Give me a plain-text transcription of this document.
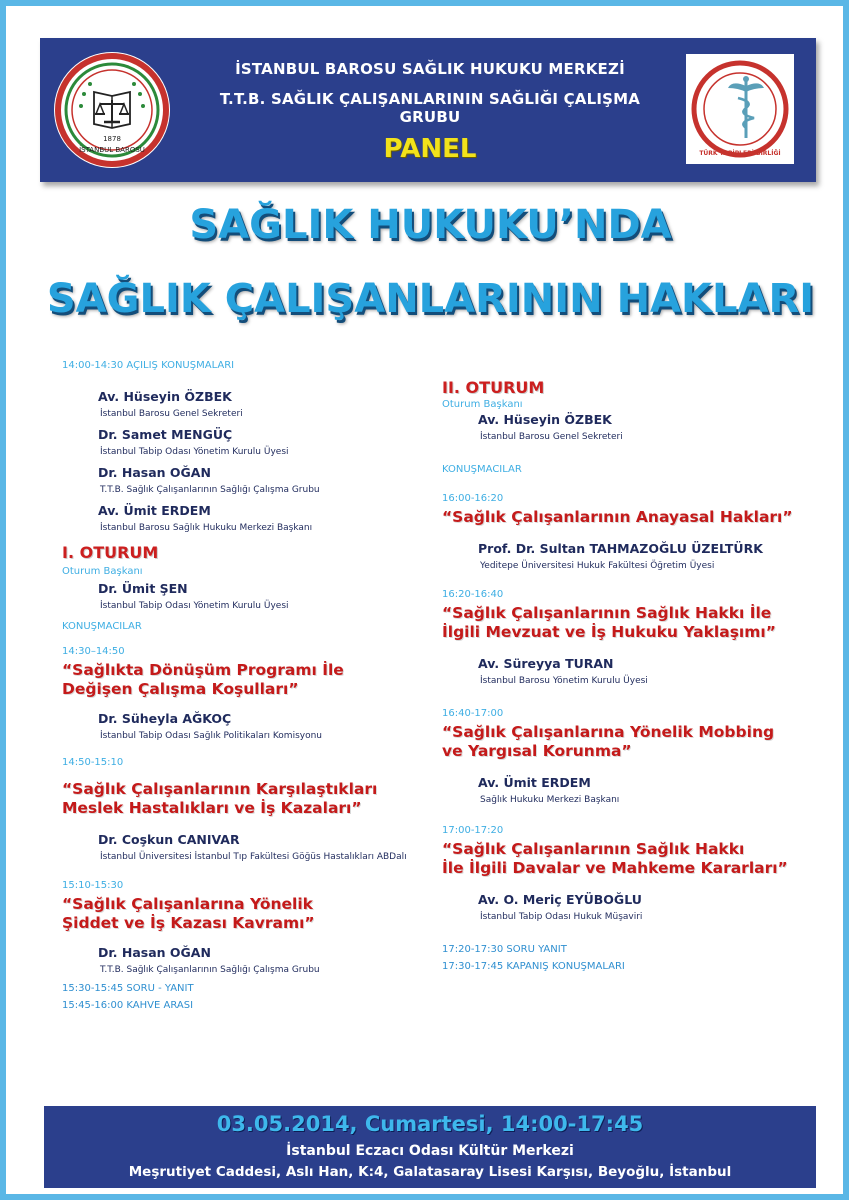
1878
İSTANBUL BAROSU
İSTANBUL BAROSU SAĞLIK HUKUKU MERKEZİ
T.T.B. SAĞLIK ÇALIŞANLARININ SAĞLIĞI ÇALIŞMA GRUBU
PANEL	TÜRK TABİPLERİ BİRLİĞİ
SAĞLIK HUKUKU’NDA
SAĞLIK ÇALIŞANLARININ HAKLARI
14:00-14:30 AÇILIŞ KONUŞMALARI
Av. Hüseyin ÖZBEK
İstanbul Barosu Genel Sekreteri
Dr. Samet MENGÜÇ
İstanbul Tabip Odası Yönetim Kurulu Üyesi
Dr. Hasan OĞAN
T.T.B. Sağlık Çalışanlarının Sağlığı Çalışma Grubu
Av. Ümit ERDEM
İstanbul Barosu Sağlık Hukuku Merkezi Başkanı
I. OTURUM
Oturum Başkanı
Dr. Ümit ŞEN
İstanbul Tabip Odası Yönetim Kurulu Üyesi
KONUŞMACILAR
14:30–14:50
“Sağlıkta Dönüşüm Programı İle
Değişen Çalışma Koşulları”
Dr. Süheyla AĞKOÇ
İstanbul Tabip Odası Sağlık Politikaları Komisyonu
14:50-15:10
“Sağlık Çalışanlarının Karşılaştıkları
Meslek Hastalıkları ve İş Kazaları”
Dr. Coşkun CANIVAR
İstanbul Üniversitesi İstanbul Tıp Fakültesi Göğüs Hastalıkları ABDalı
15:10-15:30
“Sağlık Çalışanlarına Yönelik
Şiddet ve İş Kazası Kavramı”
Dr. Hasan OĞAN
T.T.B. Sağlık Çalışanlarının Sağlığı Çalışma Grubu
15:30-15:45 SORU - YANIT
15:45-16:00 KAHVE ARASI
II. OTURUM
Oturum Başkanı
Av. Hüseyin ÖZBEK
İstanbul Barosu Genel Sekreteri
KONUŞMACILAR
16:00-16:20
“Sağlık Çalışanlarının Anayasal Hakları”
Prof. Dr. Sultan TAHMAZOĞLU ÜZELTÜRK
Yeditepe Üniversitesi Hukuk Fakültesi Öğretim Üyesi
16:20-16:40
“Sağlık Çalışanlarının Sağlık Hakkı İle
İlgili Mevzuat ve İş Hukuku Yaklaşımı”
Av. Süreyya TURAN
İstanbul Barosu Yönetim Kurulu Üyesi
16:40-17:00
“Sağlık Çalışanlarına Yönelik Mobbing
ve Yargısal Korunma”
Av. Ümit ERDEM
Sağlık Hukuku Merkezi Başkanı
17:00-17:20
“Sağlık Çalışanlarının Sağlık Hakkı
İle İlgili Davalar ve Mahkeme Kararları”
Av. O. Meriç EYÜBOĞLU
İstanbul Tabip Odası Hukuk Müşaviri
17:20-17:30 SORU YANIT
17:30-17:45 KAPANIŞ KONUŞMALARI
03.05.2014, Cumartesi, 14:00-17:45
İstanbul Eczacı Odası Kültür Merkezi
Meşrutiyet Caddesi, Aslı Han, K:4, Galatasaray Lisesi Karşısı, Beyoğlu, İstanbul
